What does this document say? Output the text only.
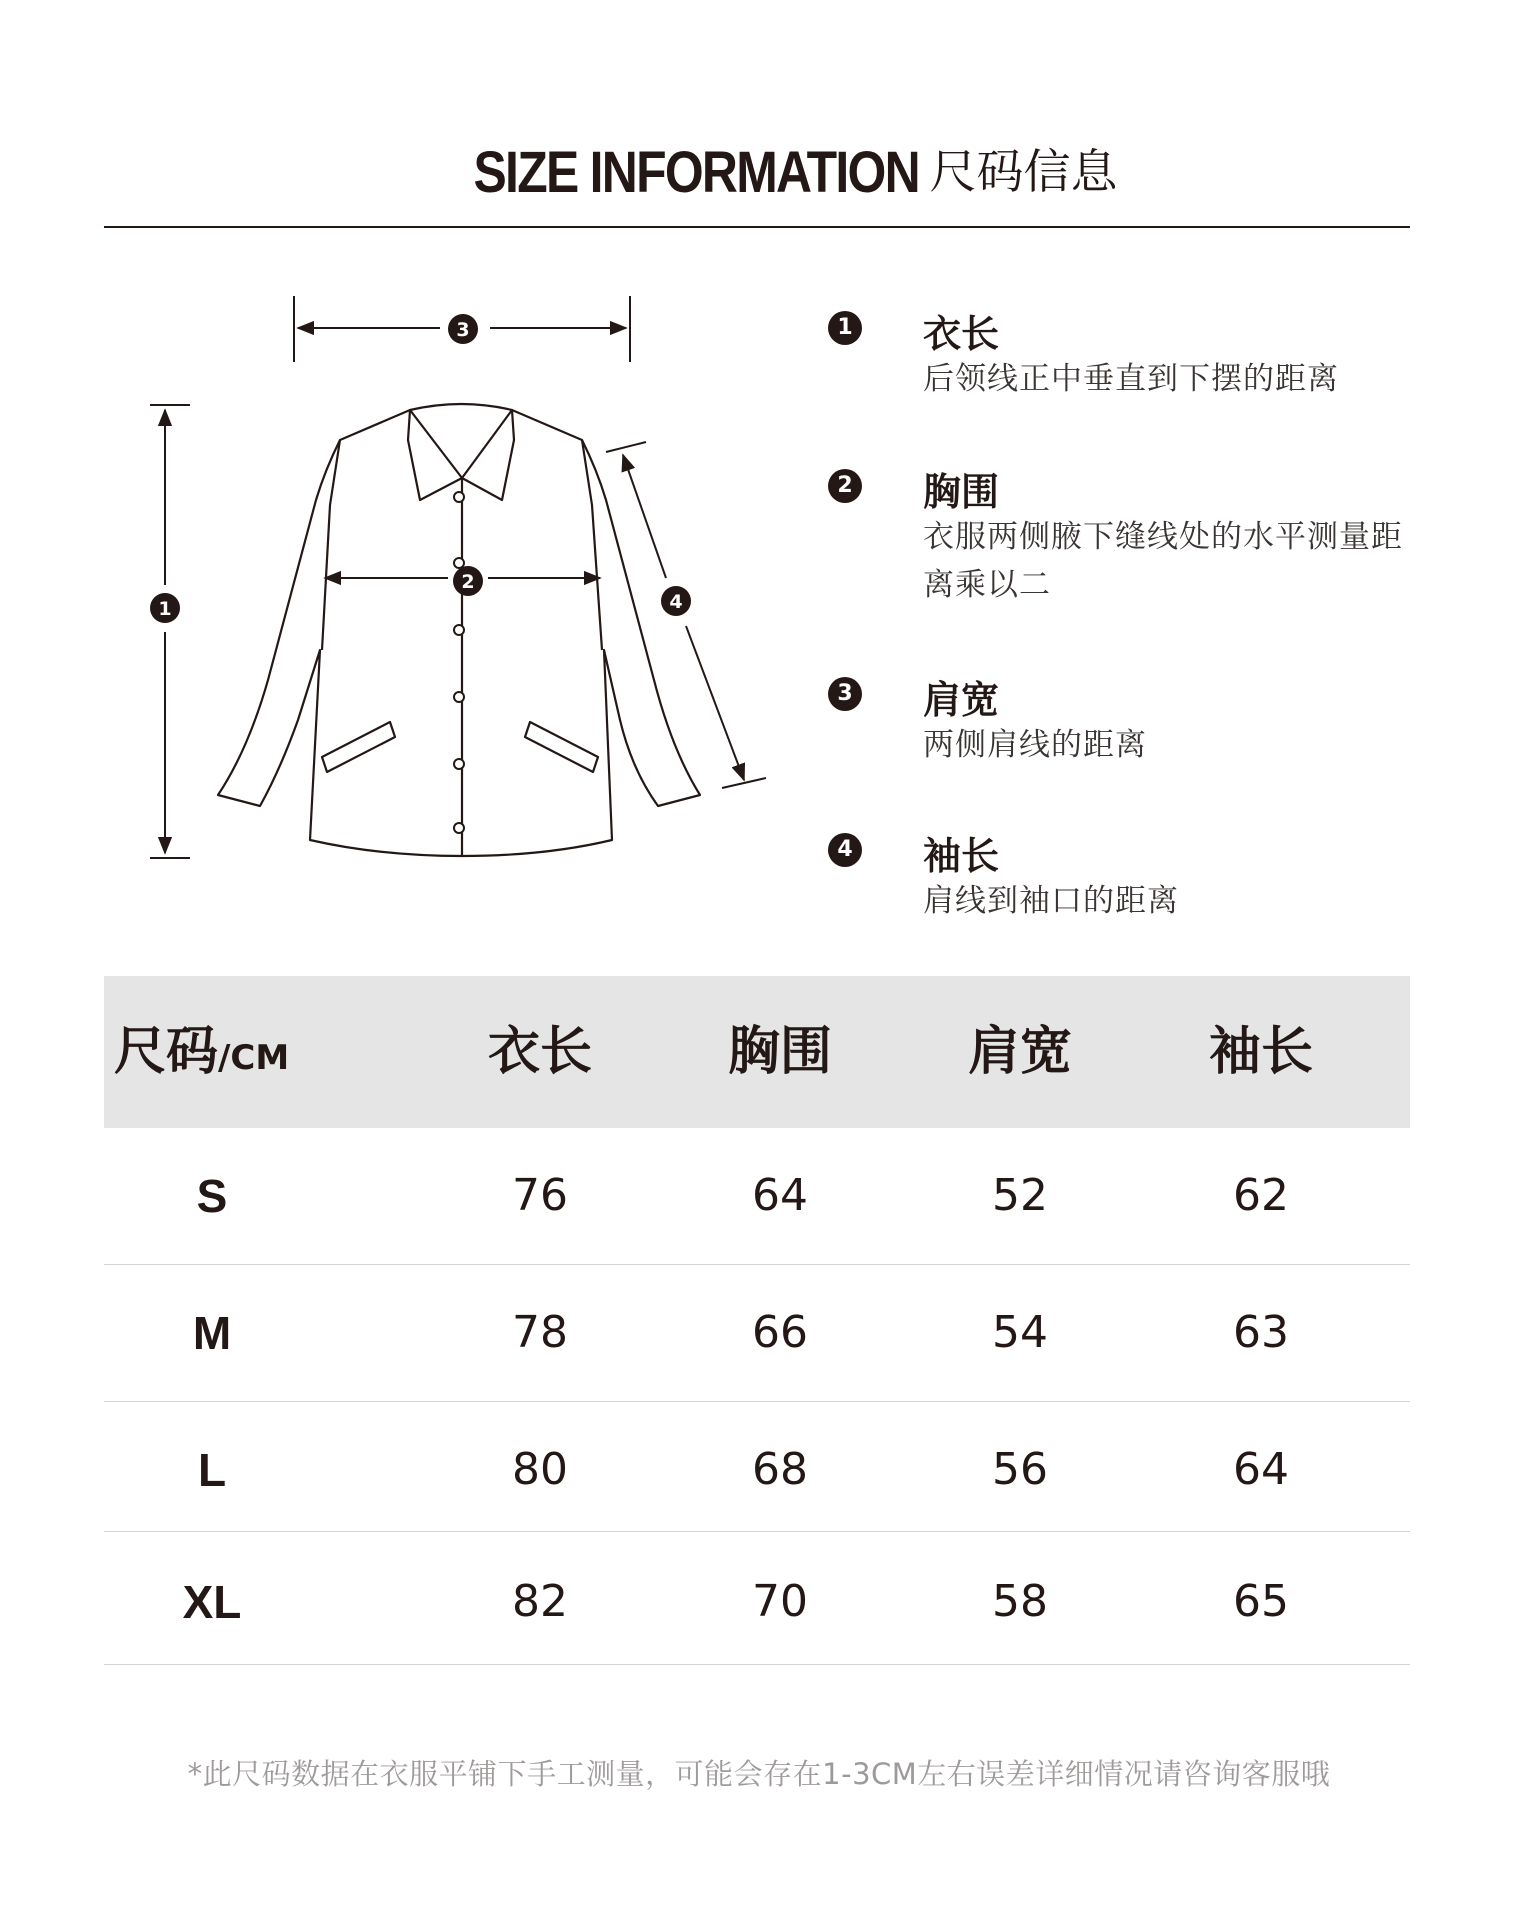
SIZE INFORMATION 尺码信息
3
1
2
4
1 衣长
后领线正中垂直到下摆的距离
2 胸围
衣服两侧腋下缝线处的水平测量距离乘以二
3 肩宽
两侧肩线的距离
4 袖长
肩线到袖口的距离
尺码/CM	衣长	胸围	肩宽	袖长
S	76	64	52	62
M	78	66	54	63
L	80	68	56	64
XL	82	70	58	65
*此尺码数据在衣服平铺下手工测量，可能会存在1-3CM左右误差详细情况请咨询客服哦
